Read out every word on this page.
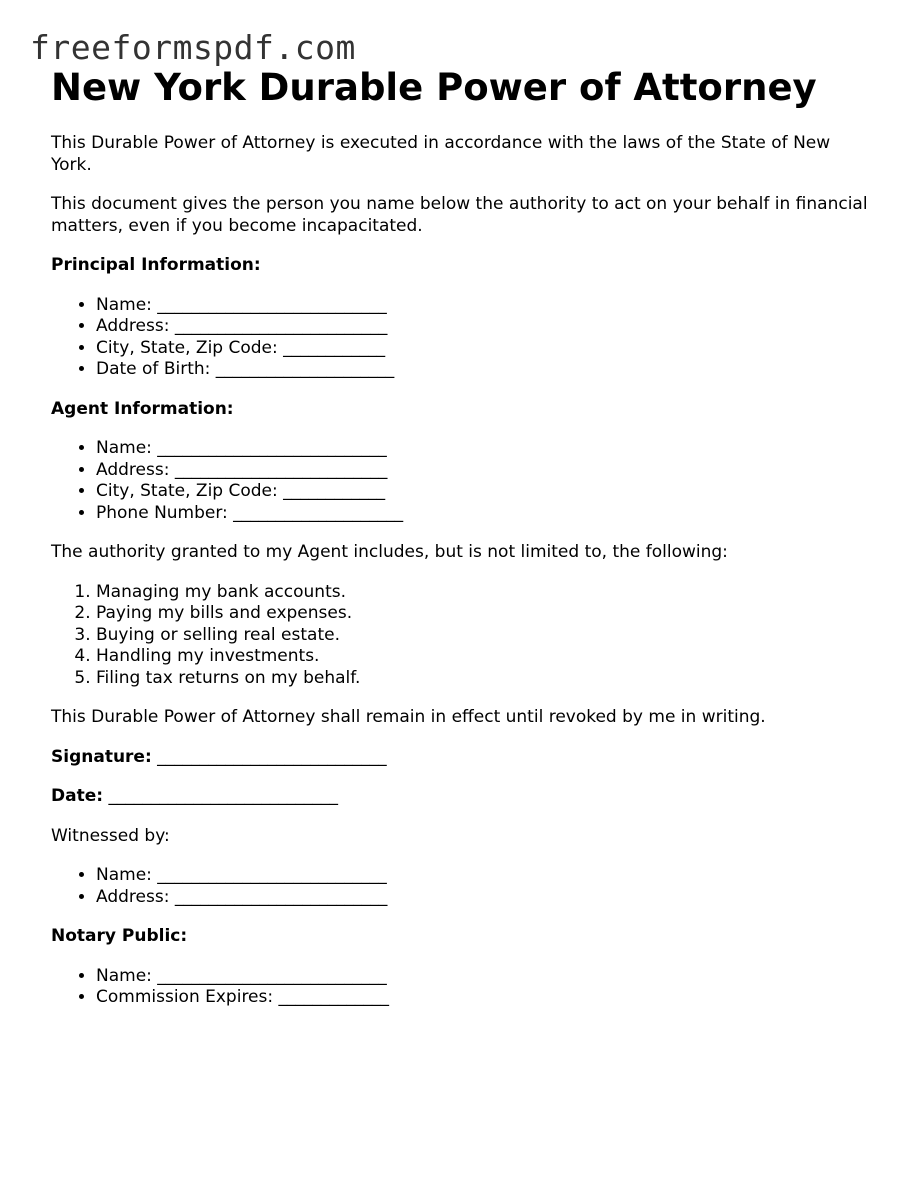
freeformspdf.com
New York Durable Power of Attorney

This Durable Power of Attorney is executed in accordance with the laws of the State of New York.

This document gives the person you name below the authority to act on your behalf in financial matters, even if you become incapacitated.

Principal Information:

• Name: ___________________________
• Address: _________________________
• City, State, Zip Code: ____________
• Date of Birth: _____________________

Agent Information:

• Name: ___________________________
• Address: _________________________
• City, State, Zip Code: ____________
• Phone Number: ____________________

The authority granted to my Agent includes, but is not limited to, the following:

1. Managing my bank accounts.
2. Paying my bills and expenses.
3. Buying or selling real estate.
4. Handling my investments.
5. Filing tax returns on my behalf.

This Durable Power of Attorney shall remain in effect until revoked by me in writing.

Signature: ___________________________

Date: ___________________________

Witnessed by:

• Name: ___________________________
• Address: _________________________

Notary Public:

• Name: ___________________________
• Commission Expires: _____________
